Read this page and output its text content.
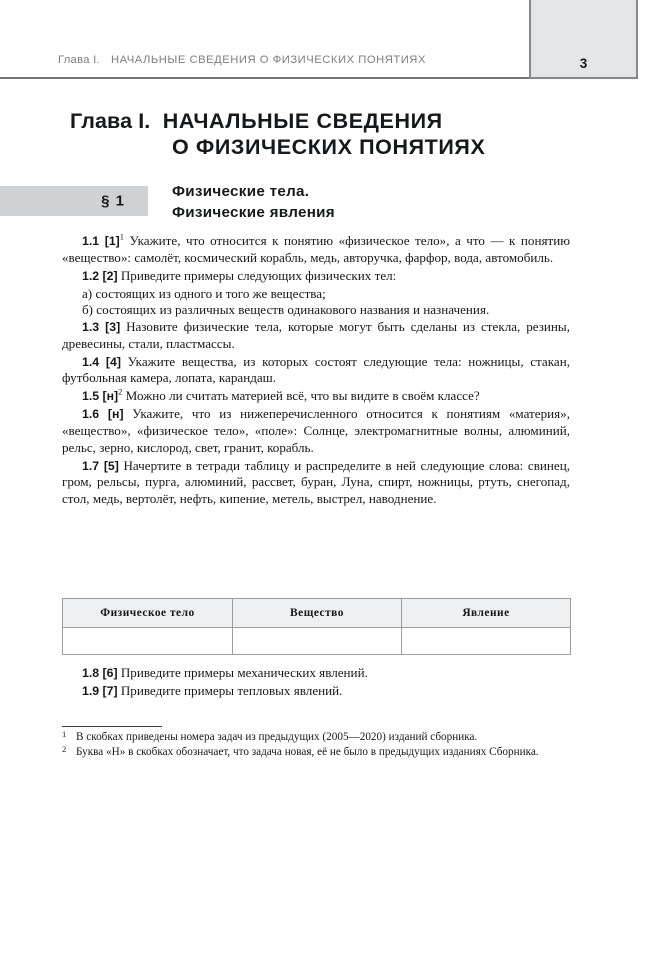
Глава I. НАЧАЛЬНЫЕ СВЕДЕНИЯ О ФИЗИЧЕСКИХ ПОНЯТИЯХ	3
Глава I. НАЧАЛЬНЫЕ СВЕДЕНИЯ
О ФИЗИЧЕСКИХ ПОНЯТИЯХ
§ 1
Физические тела.
Физические явления

1.1 $[1]^1$ Укажите, что относится к понятию «физическое тело», а что — к понятию «вещество»: самолёт, космический корабль, медь, авторучка, фарфор, вода, автомобиль.

1.2 [2] Приведите примеры следующих физических тел:

а) состоящих из одного и того же вещества;

б) состоящих из различных веществ одинакового названия и назначения.

1.3 [3] Назовите физические тела, которые могут быть сделаны из стекла, резины, древесины, стали, пластмассы.

1.4 [4] Укажите вещества, из которых состоят следующие тела: ножницы, стакан, футбольная камера, лопата, карандаш.

1.5 $[н]^2$ Можно ли считать материей всё, что вы видите в своём классе?

1.6 [н] Укажите, что из нижеперечисленного относится к понятиям «материя», «вещество», «физическое тело», «поле»: Солнце, электромагнитные волны, алюминий, рельс, зерно, кислород, свет, гранит, корабль.

1.7 [5] Начертите в тетради таблицу и распределите в ней следующие слова: свинец, гром, рельсы, пурга, алюминий, рассвет, буран, Луна, спирт, ножницы, ртуть, снегопад, стол, медь, вертолёт, нефть, кипение, метель, выстрел, наводнение.

Физическое тело	Вещество	Явление

1.8 [6] Приведите примеры механических явлений.

1.9 [7] Приведите примеры тепловых явлений.

1 В скобках приведены номера задач из предыдущих (2005—2020) изданий сборника.
2 Буква «Н» в скобках обозначает, что задача новая, её не было в предыдущих изданиях Сборника.
